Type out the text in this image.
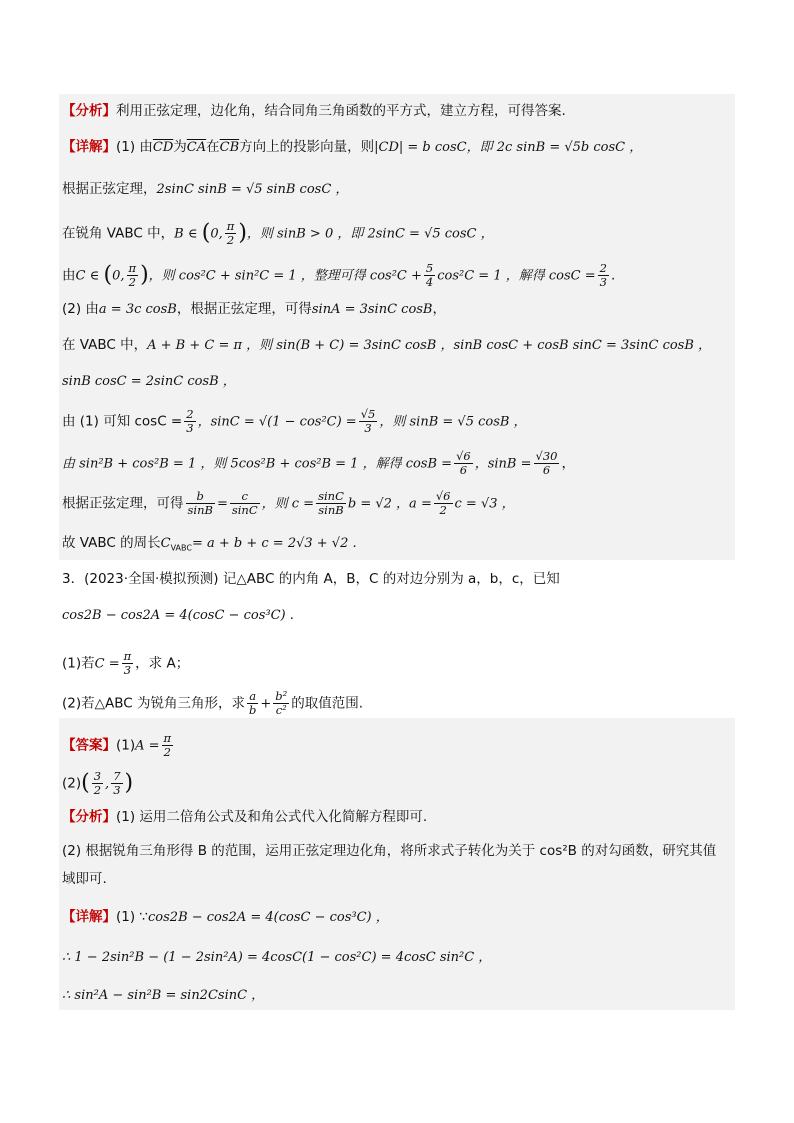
【分析】利用正弦定理，边化角，结合同角三角函数的平方式，建立方程，可得答案.
【详解】(1) 由$\overline{CD}$为$\overline{CA}$在$\overline{CB}$方向上的投影向量，则|CD| = b cosC，即 2c sinB = √5b cosC ，
根据正弦定理，2sinC sinB = √5 sinB cosC ，
在锐角 VABC 中，B ∈ (0, $\frac{\pi}{2}$ )，则 sinB > 0 ，即 2sinC = √5 cosC ，
由C ∈ (0, $\frac{\pi}{2}$ )，则 cos²C + sin²C = 1 ，整理可得 $\cos^2C + \frac{5}{4} \cos^2C = 1$ ，解得 $\cos C = \frac{2}{3}$ .
(2) 由a = 3c cosB，根据正弦定理，可得sinA = 3sinC cosB，
在 VABC 中，A + B + C = π ，则 sin(B + C) = 3sinC cosB ，sinB cosC + cosB sinC = 3sinC cosB ，
sinB cosC = 2sinC cosB ，
由 (1) 可知 $\cos C = \frac{2}{3}$ ，$\sin C = √(1 - \cos^2C) = \frac{√5}{3}$ ，则 sinB = √5 cosB ，
由 sin²B + cos²B = 1 ，则 5cos²B + cos²B = 1 ，解得 $\cos B = \frac{√6}{6}$ ，$\sin B = \frac{√30}{6}$ ，
根据正弦定理，可得 $\frac{b}{\sin B} = \frac{c}{\sin C}$ ，则 $c = \frac{\sin C}{\sin B}$ b = √2 ，$a = \frac{√6}{2}$ c = √3 ，
故 VABC 的周长$C_{VABC}= a + b + c = 2√3 + √2$ .
3．(2023·全国·模拟预测) 记△ABC 的内角 A，B，C 的对边分别为 a，b，c，已知
cos2B − cos2A = 4(cosC − cos³C) .
(1)若$C = \frac{\pi}{3}$ ，求 A；
(2)若△ABC 为锐角三角形，求 $\frac{a}{b} + \frac{\text{b²}}{\text{c²}}$ 的取值范围.
【答案】$(1)A = \frac{\pi}{2}$
$(2)( \frac{3}{2}$ , $\frac{7}{3}$ )
【分析】(1) 运用二倍角公式及和角公式代入化简解方程即可.
(2) 根据锐角三角形得 B 的范围，运用正弦定理边化角，将所求式子转化为关于 cos²B 的对勾函数，研究其值
域即可.
【详解】(1) ∵cos2B − cos2A = 4(cosC − cos³C) ，
∴ 1 − 2sin²B − (1 − 2sin²A) = 4cosC(1 − cos²C) = 4cosC sin²C ，
∴ sin²A − sin²B = sin2CsinC ，
